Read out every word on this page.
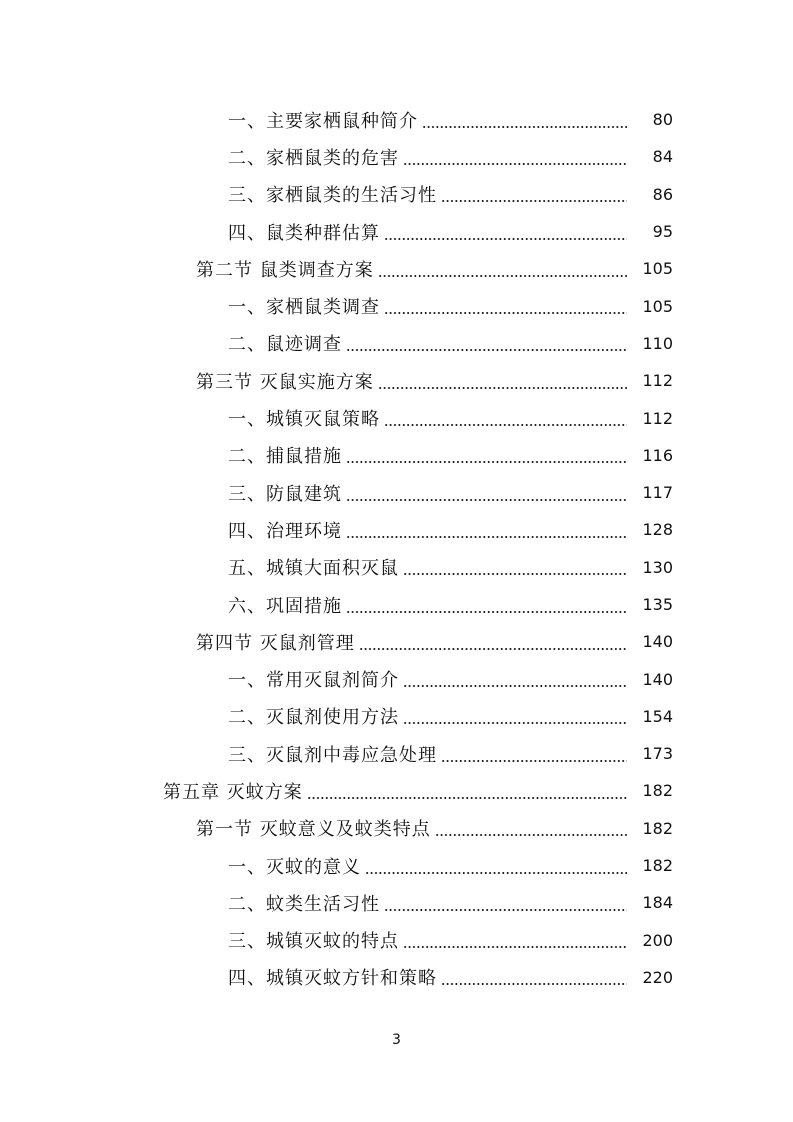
一、主要家栖鼠种简介	80
二、家栖鼠类的危害	84
三、家栖鼠类的生活习性	86
四、鼠类种群估算	95
第二节 鼠类调查方案	105
一、家栖鼠类调查	105
二、鼠迹调查	110
第三节 灭鼠实施方案	112
一、城镇灭鼠策略	112
二、捕鼠措施	116
三、防鼠建筑	117
四、治理环境	128
五、城镇大面积灭鼠	130
六、巩固措施	135
第四节 灭鼠剂管理	140
一、常用灭鼠剂简介	140
二、灭鼠剂使用方法	154
三、灭鼠剂中毒应急处理	173
第五章 灭蚊方案	182
第一节 灭蚊意义及蚊类特点	182
一、灭蚊的意义	182
二、蚊类生活习性	184
三、城镇灭蚊的特点	200
四、城镇灭蚊方针和策略	220
3
